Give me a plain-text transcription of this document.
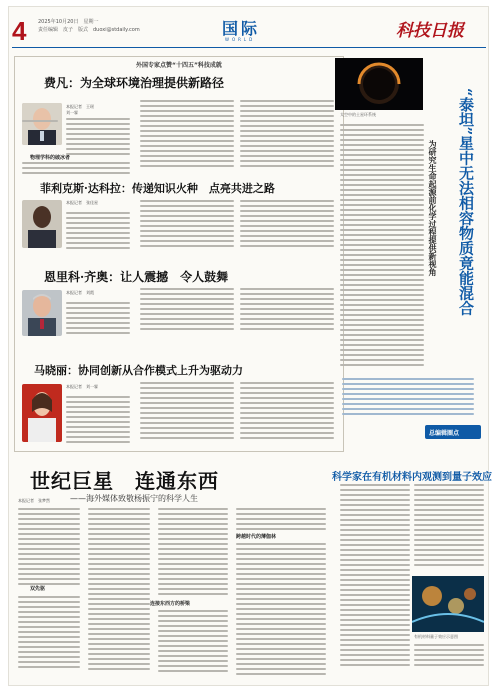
4 2025年10月20日　星期一
责任编辑　皮子　版式　duoxi@stdaily.com	国际
WORLD	科技日报
外国专家点赞“十四五”科技成就
费凡：为全球环境治理提供新路径
本报记者　王瑶
刘一霖
物理学科的破冰者
菲利克斯·达科拉：传递知识火种　点亮共进之路
本报记者　张佳星
恩里科·齐奥：让人震撼　令人鼓舞
本报记者　刘霞
马晓丽：协同创新从合作模式上升为驱动力
本报记者　刘一霖
世纪巨星　连通东西
——海外媒体致敬杨振宁的科学人生
本报记者　张梦然
双先驱
连接东西方的桥梁
跨越时代的薄伽林
太空中的土星环系统	“泰坦”星中无法相容物质竟能混合
为研究生命起源前化学过程提供新视角
总编辑圈点
科学家在有机材料内观测到量子效应
有机材料量子效应示意图
